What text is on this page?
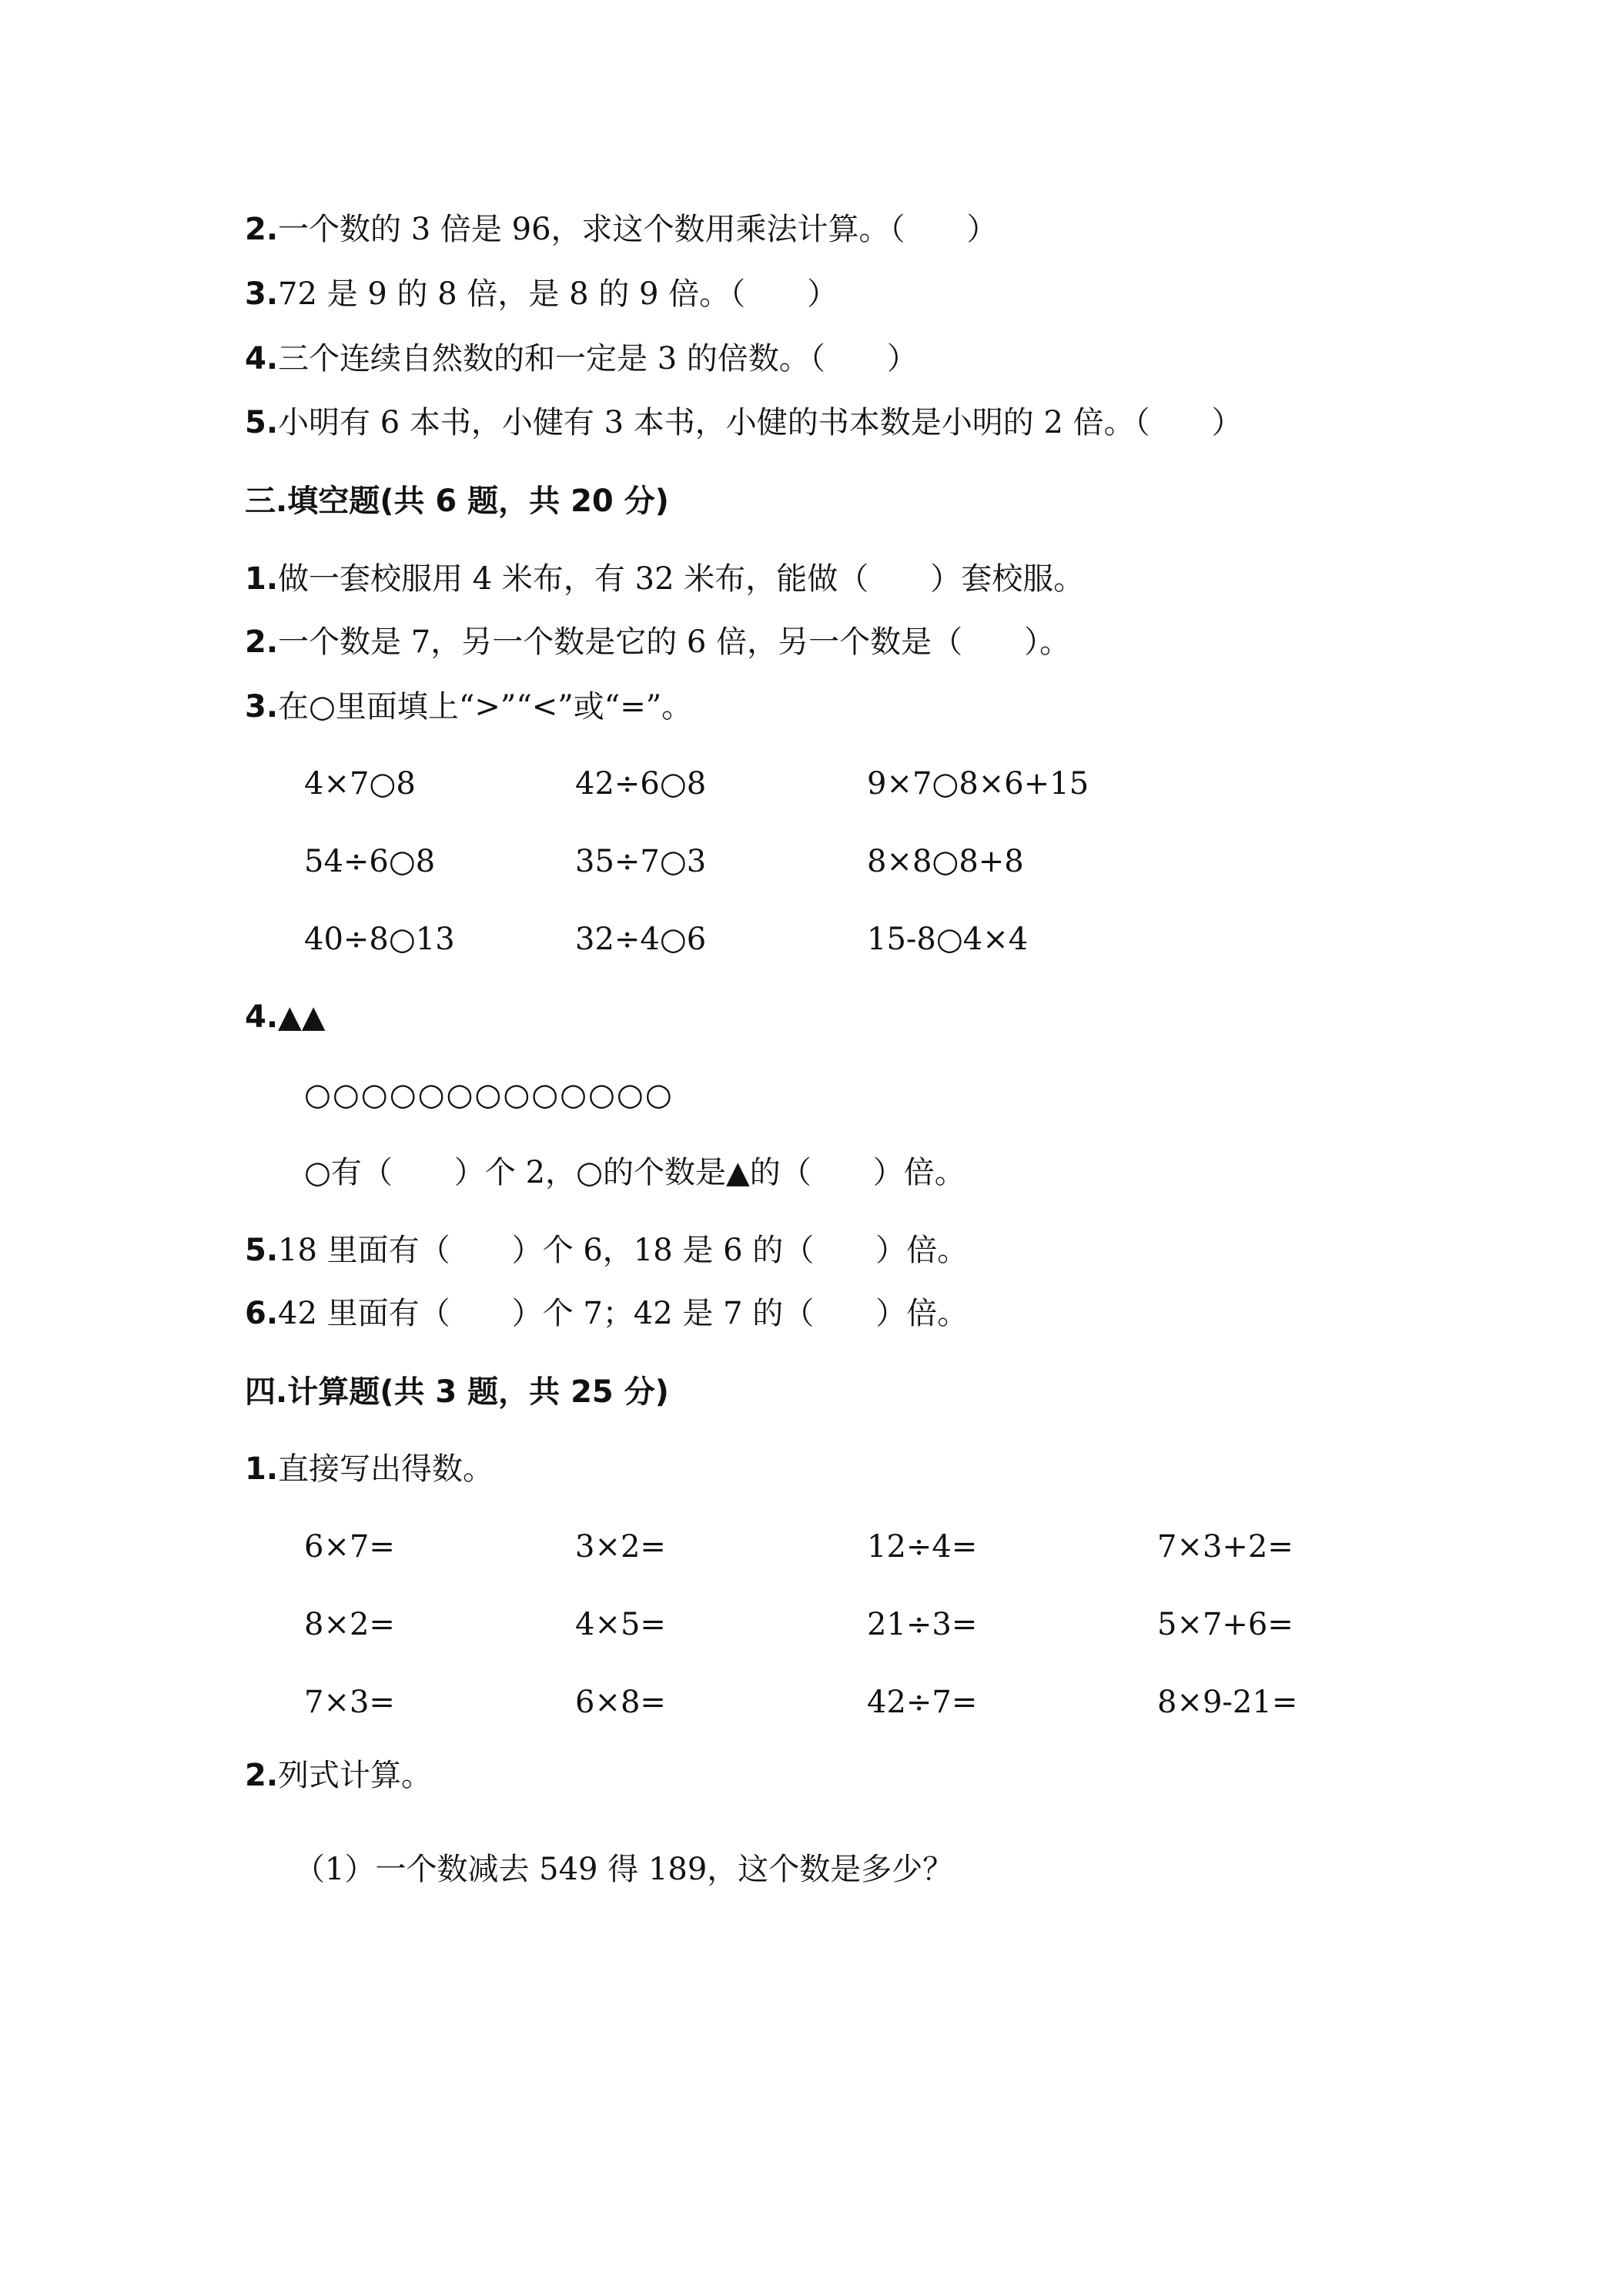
2.一个数的 3 倍是 96，求这个数用乘法计算。（　　）
3.72 是 9 的 8 倍，是 8 的 9 倍。（　　）
4.三个连续自然数的和一定是 3 的倍数。（　　）
5.小明有 6 本书，小健有 3 本书，小健的书本数是小明的 2 倍。（　　）
三.填空题(共 6 题，共 20 分)
1.做一套校服用 4 米布，有 32 米布，能做（　　）套校服。
2.一个数是 7，另一个数是它的 6 倍，另一个数是（　　）。
3.在○里面填上“>”“<”或“=”。
4×7○8	42÷6○8	9×7○8×6+15
54÷6○8	35÷7○3	8×8○8+8
40÷8○13	32÷4○6	15-8○4×4
4.▲▲
○○○○○○○○○○○○○
○有（　　）个 2，○的个数是▲的（　　）倍。
5.18 里面有（　　）个 6，18 是 6 的（　　）倍。
6.42 里面有（　　）个 7；42 是 7 的（　　）倍。
四.计算题(共 3 题，共 25 分)
1.直接写出得数。
6×7=	3×2=	12÷4=	7×3+2=
8×2=	4×5=	21÷3=	5×7+6=
7×3=	6×8=	42÷7=	8×9-21=
2.列式计算。
（1）一个数减去 549 得 189，这个数是多少？
